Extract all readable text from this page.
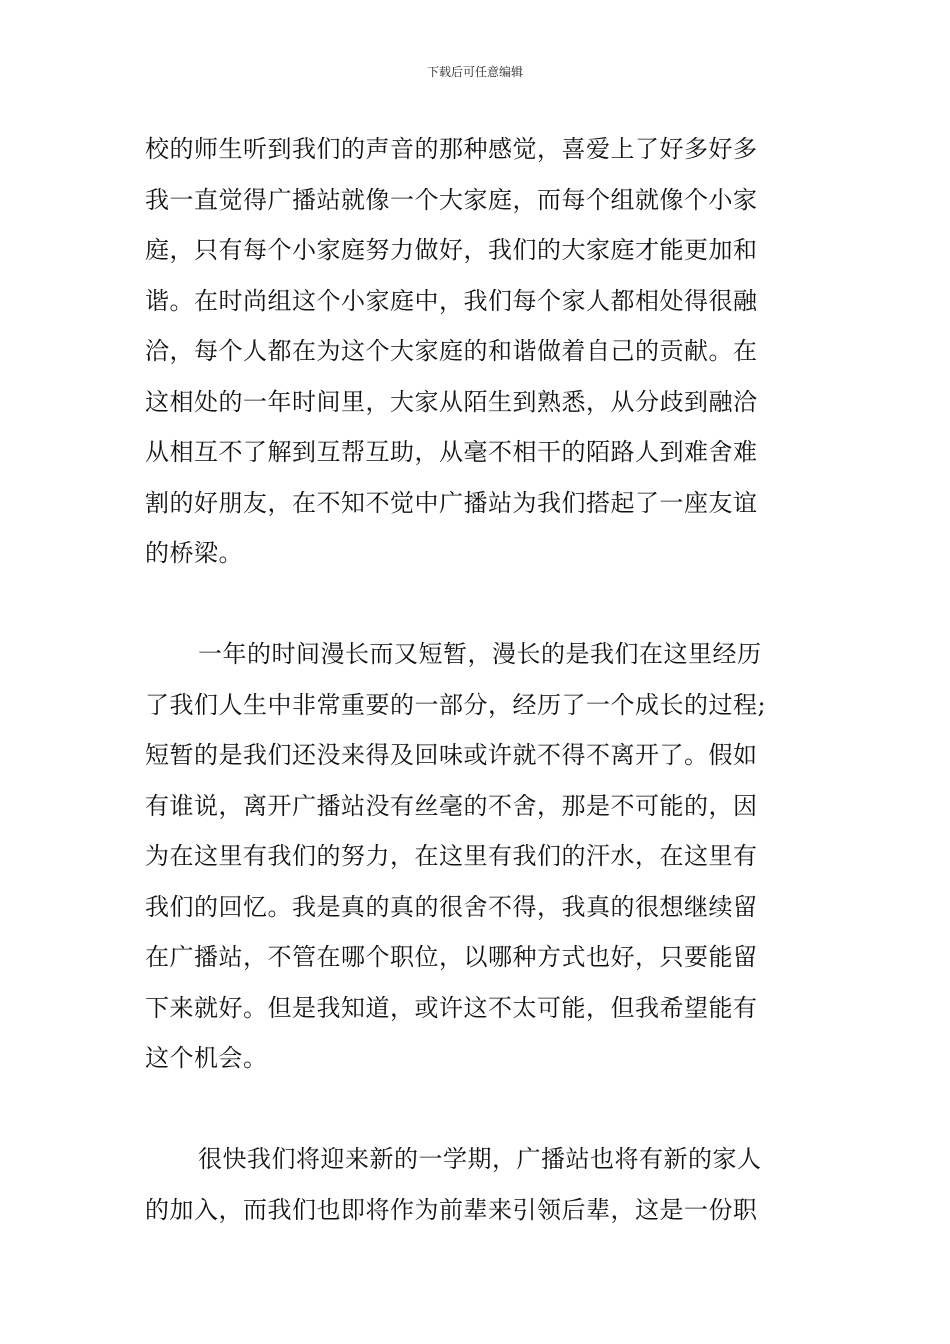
下载后可任意编辑
校的师生听到我们的声音的那种感觉，喜爱上了好多好多
我一直觉得广播站就像一个大家庭，而每个组就像个小家
庭，只有每个小家庭努力做好，我们的大家庭才能更加和
谐。在时尚组这个小家庭中，我们每个家人都相处得很融
洽，每个人都在为这个大家庭的和谐做着自己的贡献。在
这相处的一年时间里，大家从陌生到熟悉，从分歧到融洽
从相互不了解到互帮互助，从毫不相干的陌路人到难舍难
割的好朋友，在不知不觉中广播站为我们搭起了一座友谊
的桥梁。
一年的时间漫长而又短暂，漫长的是我们在这里经历
了我们人生中非常重要的一部分，经历了一个成长的过程;
短暂的是我们还没来得及回味或许就不得不离开了。假如
有谁说，离开广播站没有丝毫的不舍，那是不可能的，因
为在这里有我们的努力，在这里有我们的汗水，在这里有
我们的回忆。我是真的真的很舍不得，我真的很想继续留
在广播站，不管在哪个职位，以哪种方式也好，只要能留
下来就好。但是我知道，或许这不太可能，但我希望能有
这个机会。
很快我们将迎来新的一学期，广播站也将有新的家人
的加入，而我们也即将作为前辈来引领后辈，这是一份职
